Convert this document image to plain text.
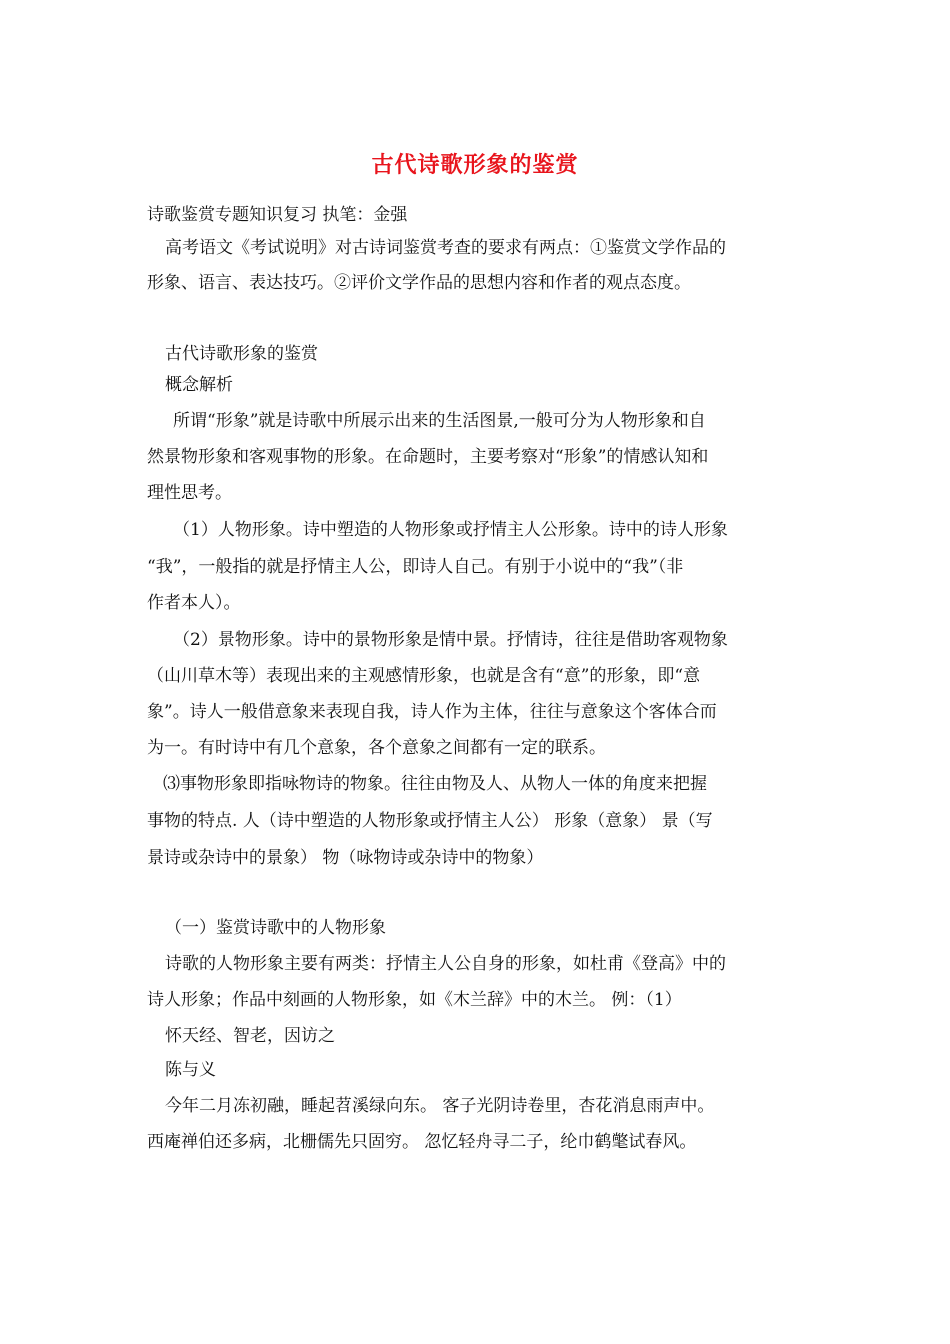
古代诗歌形象的鉴赏
诗歌鉴赏专题知识复习 执笔：金强
高考语文《考试说明》对古诗词鉴赏考查的要求有两点：①鉴赏文学作品的
形象、语言、表达技巧。②评价文学作品的思想内容和作者的观点态度。
古代诗歌形象的鉴赏
概念解析
所谓“形象”就是诗歌中所展示出来的生活图景,一般可分为人物形象和自
然景物形象和客观事物的形象。在命题时，主要考察对“形象”的情感认知和
理性思考。
（1）人物形象。诗中塑造的人物形象或抒情主人公形象。诗中的诗人形象
“我”，一般指的就是抒情主人公，即诗人自己。有别于小说中的“我”（非
作者本人）。
（2）景物形象。诗中的景物形象是情中景。抒情诗，往往是借助客观物象
（山川草木等）表现出来的主观感情形象，也就是含有“意”的形象，即“意
象”。诗人一般借意象来表现自我，诗人作为主体，往往与意象这个客体合而
为一。有时诗中有几个意象，各个意象之间都有一定的联系。
⑶事物形象即指咏物诗的物象。往往由物及人、从物人一体的角度来把握
事物的特点. 人（诗中塑造的人物形象或抒情主人公） 形象（意象） 景（写
景诗或杂诗中的景象） 物（咏物诗或杂诗中的物象）
（一）鉴赏诗歌中的人物形象
诗歌的人物形象主要有两类：抒情主人公自身的形象，如杜甫《登高》中的
诗人形象；作品中刻画的人物形象，如《木兰辞》中的木兰。 例：（1）
怀天经、智老，因访之
陈与义
今年二月冻初融，睡起苕溪绿向东。 客子光阴诗卷里，杏花消息雨声中。
西庵禅伯还多病，北栅儒先只固穷。 忽忆轻舟寻二子，纶巾鹤氅试春风。
